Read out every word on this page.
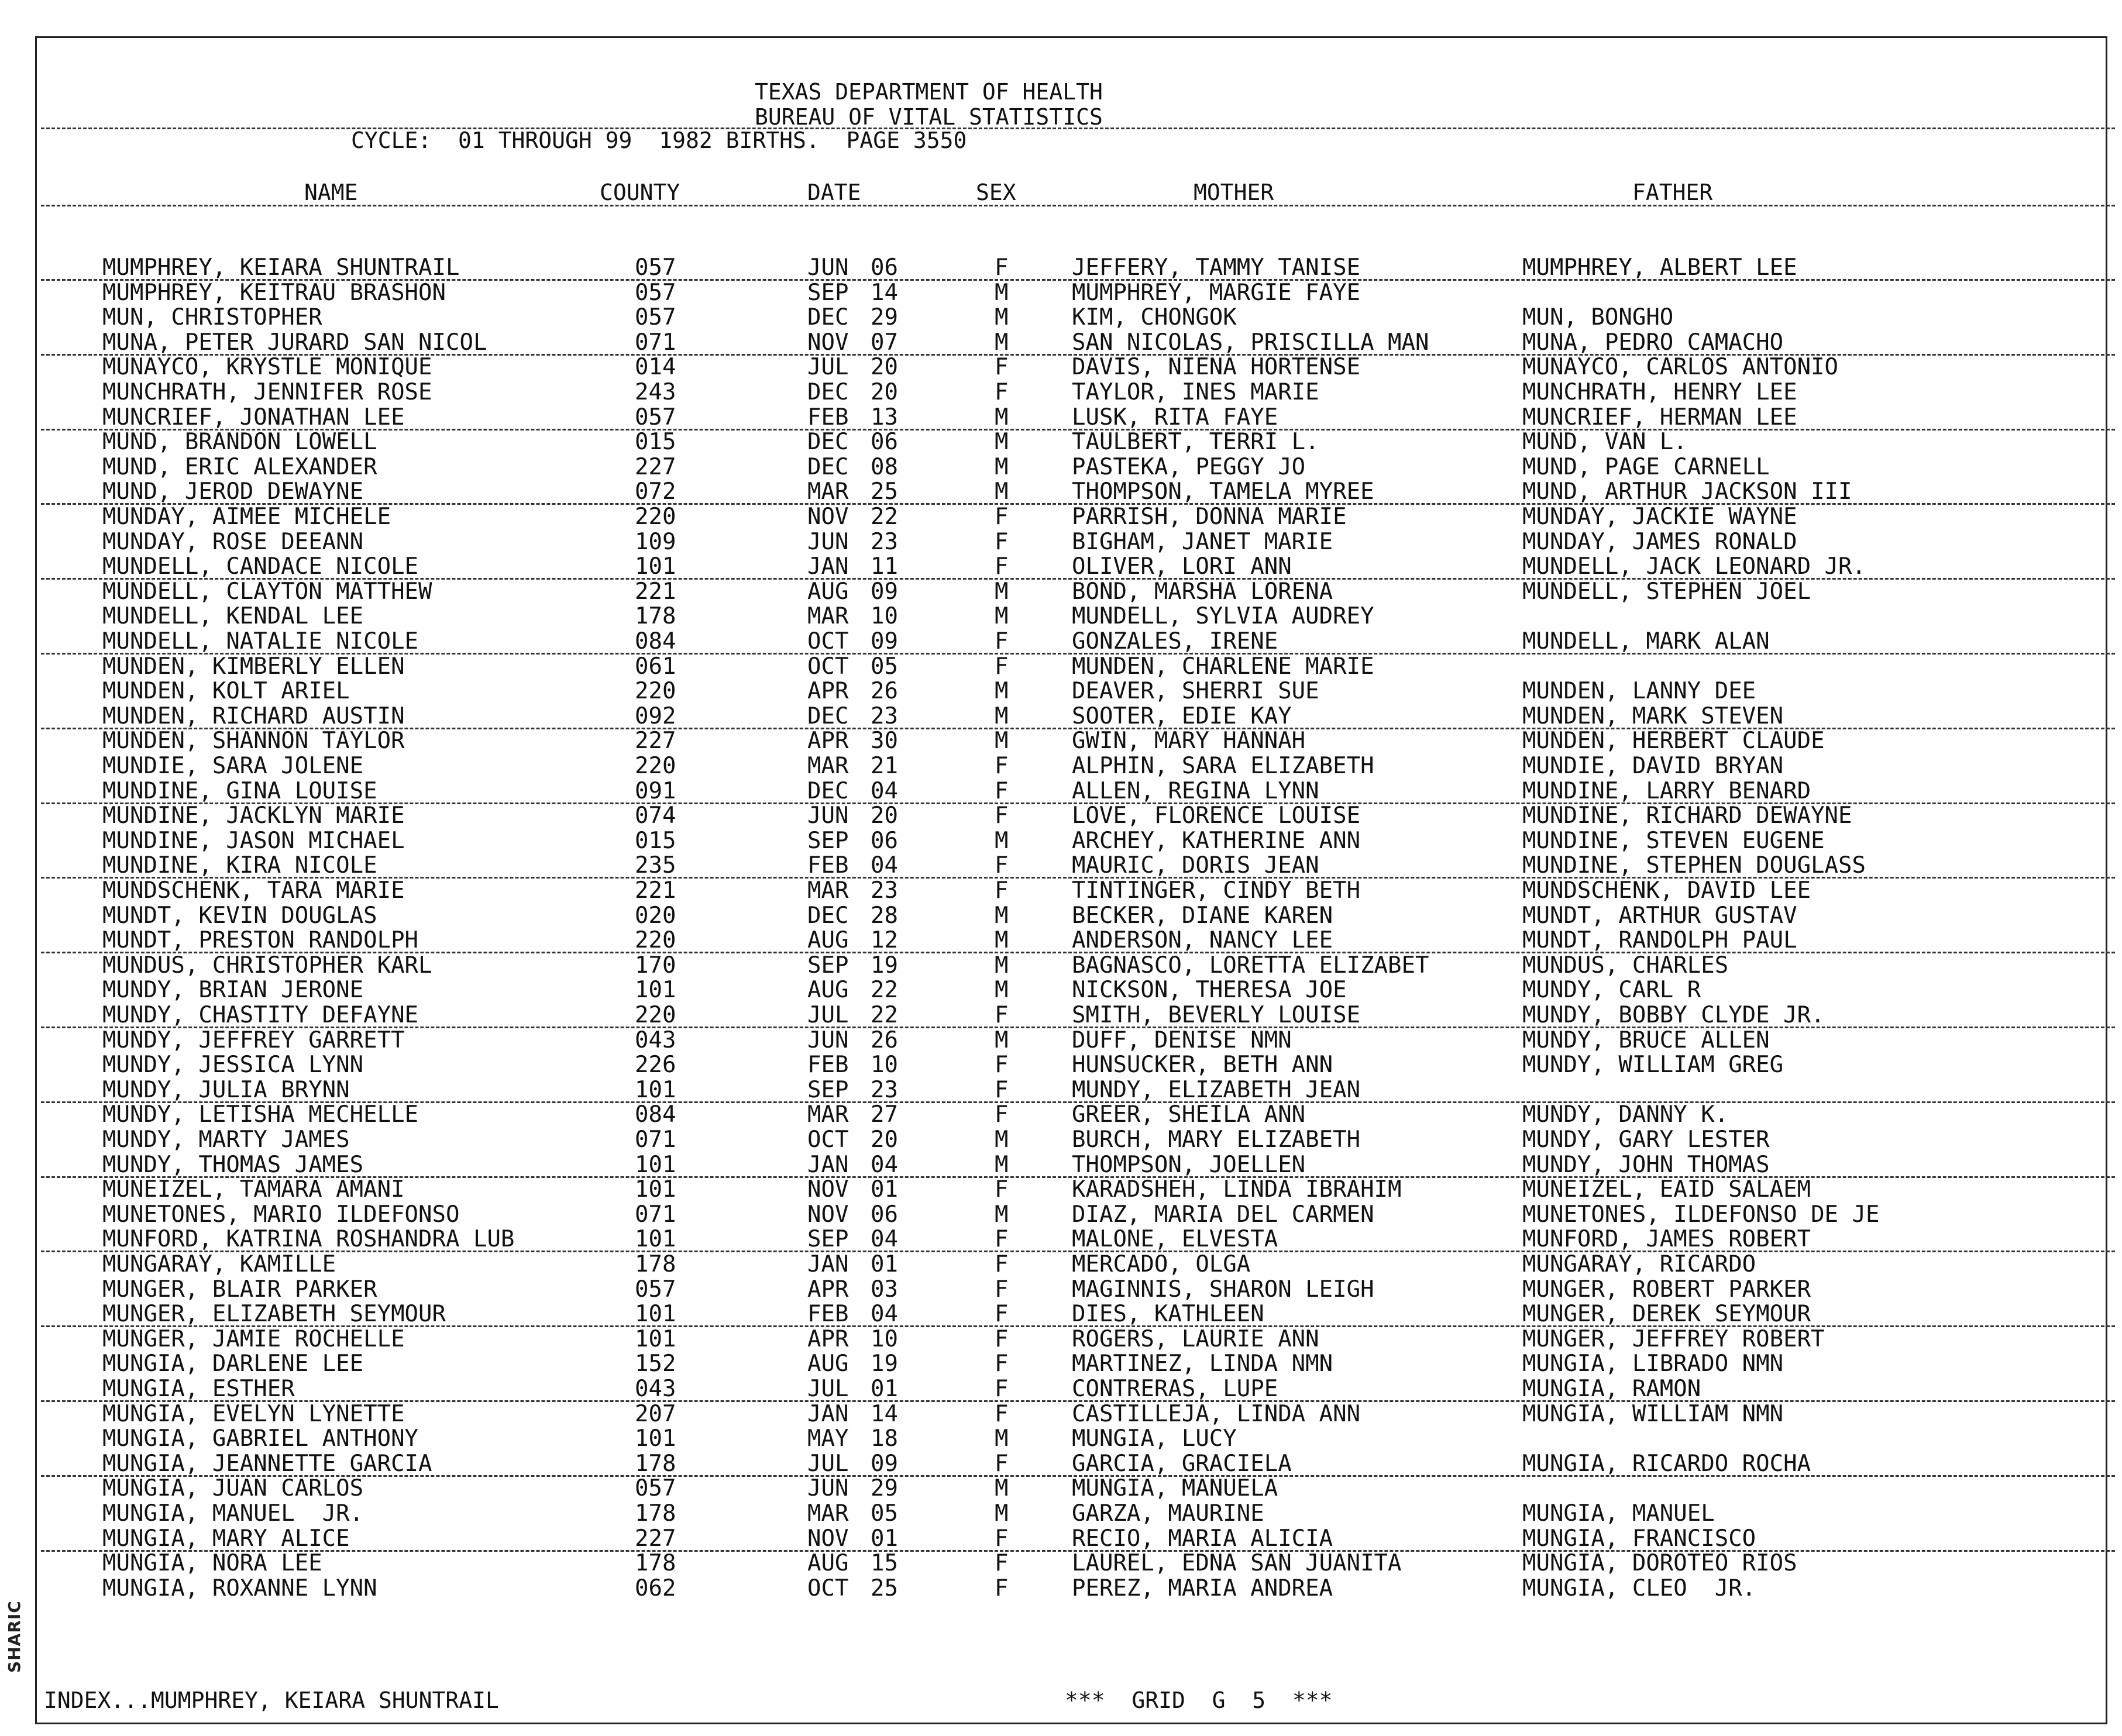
SHARIC
TEXAS DEPARTMENT OF HEALTH
BUREAU OF VITAL STATISTICS
CYCLE:  01 THROUGH 99  1982 BIRTHS.  PAGE 3550
NAME	COUNTY	DATE	SEX	MOTHER	FATHER
MUMPHREY, KEIARA SHUNTRAIL	057	JUN 06	F	JEFFERY, TAMMY TANISE	MUMPHREY, ALBERT LEE
MUMPHREY, KEITRAU BRASHON	057	SEP 14	M	MUMPHREY, MARGIE FAYE
MUN, CHRISTOPHER	057	DEC 29	M	KIM, CHONGOK	MUN, BONGHO
MUNA, PETER JURARD SAN NICOL	071	NOV 07	M	SAN NICOLAS, PRISCILLA MAN	MUNA, PEDRO CAMACHO
MUNAYCO, KRYSTLE MONIQUE	014	JUL 20	F	DAVIS, NIENA HORTENSE	MUNAYCO, CARLOS ANTONIO
MUNCHRATH, JENNIFER ROSE	243	DEC 20	F	TAYLOR, INES MARIE	MUNCHRATH, HENRY LEE
MUNCRIEF, JONATHAN LEE	057	FEB 13	M	LUSK, RITA FAYE	MUNCRIEF, HERMAN LEE
MUND, BRANDON LOWELL	015	DEC 06	M	TAULBERT, TERRI L.	MUND, VAN L.
MUND, ERIC ALEXANDER	227	DEC 08	M	PASTEKA, PEGGY JO	MUND, PAGE CARNELL
MUND, JEROD DEWAYNE	072	MAR 25	M	THOMPSON, TAMELA MYREE	MUND, ARTHUR JACKSON III
MUNDAY, AIMEE MICHELE	220	NOV 22	F	PARRISH, DONNA MARIE	MUNDAY, JACKIE WAYNE
MUNDAY, ROSE DEEANN	109	JUN 23	F	BIGHAM, JANET MARIE	MUNDAY, JAMES RONALD
MUNDELL, CANDACE NICOLE	101	JAN 11	F	OLIVER, LORI ANN	MUNDELL, JACK LEONARD JR.
MUNDELL, CLAYTON MATTHEW	221	AUG 09	M	BOND, MARSHA LORENA	MUNDELL, STEPHEN JOEL
MUNDELL, KENDAL LEE	178	MAR 10	M	MUNDELL, SYLVIA AUDREY
MUNDELL, NATALIE NICOLE	084	OCT 09	F	GONZALES, IRENE	MUNDELL, MARK ALAN
MUNDEN, KIMBERLY ELLEN	061	OCT 05	F	MUNDEN, CHARLENE MARIE
MUNDEN, KOLT ARIEL	220	APR 26	M	DEAVER, SHERRI SUE	MUNDEN, LANNY DEE
MUNDEN, RICHARD AUSTIN	092	DEC 23	M	SOOTER, EDIE KAY	MUNDEN, MARK STEVEN
MUNDEN, SHANNON TAYLOR	227	APR 30	M	GWIN, MARY HANNAH	MUNDEN, HERBERT CLAUDE
MUNDIE, SARA JOLENE	220	MAR 21	F	ALPHIN, SARA ELIZABETH	MUNDIE, DAVID BRYAN
MUNDINE, GINA LOUISE	091	DEC 04	F	ALLEN, REGINA LYNN	MUNDINE, LARRY BENARD
MUNDINE, JACKLYN MARIE	074	JUN 20	F	LOVE, FLORENCE LOUISE	MUNDINE, RICHARD DEWAYNE
MUNDINE, JASON MICHAEL	015	SEP 06	M	ARCHEY, KATHERINE ANN	MUNDINE, STEVEN EUGENE
MUNDINE, KIRA NICOLE	235	FEB 04	F	MAURIC, DORIS JEAN	MUNDINE, STEPHEN DOUGLASS
MUNDSCHENK, TARA MARIE	221	MAR 23	F	TINTINGER, CINDY BETH	MUNDSCHENK, DAVID LEE
MUNDT, KEVIN DOUGLAS	020	DEC 28	M	BECKER, DIANE KAREN	MUNDT, ARTHUR GUSTAV
MUNDT, PRESTON RANDOLPH	220	AUG 12	M	ANDERSON, NANCY LEE	MUNDT, RANDOLPH PAUL
MUNDUS, CHRISTOPHER KARL	170	SEP 19	M	BAGNASCO, LORETTA ELIZABET	MUNDUS, CHARLES
MUNDY, BRIAN JERONE	101	AUG 22	M	NICKSON, THERESA JOE	MUNDY, CARL R
MUNDY, CHASTITY DEFAYNE	220	JUL 22	F	SMITH, BEVERLY LOUISE	MUNDY, BOBBY CLYDE JR.
MUNDY, JEFFREY GARRETT	043	JUN 26	M	DUFF, DENISE NMN	MUNDY, BRUCE ALLEN
MUNDY, JESSICA LYNN	226	FEB 10	F	HUNSUCKER, BETH ANN	MUNDY, WILLIAM GREG
MUNDY, JULIA BRYNN	101	SEP 23	F	MUNDY, ELIZABETH JEAN
MUNDY, LETISHA MECHELLE	084	MAR 27	F	GREER, SHEILA ANN	MUNDY, DANNY K.
MUNDY, MARTY JAMES	071	OCT 20	M	BURCH, MARY ELIZABETH	MUNDY, GARY LESTER
MUNDY, THOMAS JAMES	101	JAN 04	M	THOMPSON, JOELLEN	MUNDY, JOHN THOMAS
MUNEIZEL, TAMARA AMANI	101	NOV 01	F	KARADSHEH, LINDA IBRAHIM	MUNEIZEL, EAID SALAEM
MUNETONES, MARIO ILDEFONSO	071	NOV 06	M	DIAZ, MARIA DEL CARMEN	MUNETONES, ILDEFONSO DE JE
MUNFORD, KATRINA ROSHANDRA LUB	101	SEP 04	F	MALONE, ELVESTA	MUNFORD, JAMES ROBERT
MUNGARAY, KAMILLE	178	JAN 01	F	MERCADO, OLGA	MUNGARAY, RICARDO
MUNGER, BLAIR PARKER	057	APR 03	F	MAGINNIS, SHARON LEIGH	MUNGER, ROBERT PARKER
MUNGER, ELIZABETH SEYMOUR	101	FEB 04	F	DIES, KATHLEEN	MUNGER, DEREK SEYMOUR
MUNGER, JAMIE ROCHELLE	101	APR 10	F	ROGERS, LAURIE ANN	MUNGER, JEFFREY ROBERT
MUNGIA, DARLENE LEE	152	AUG 19	F	MARTINEZ, LINDA NMN	MUNGIA, LIBRADO NMN
MUNGIA, ESTHER	043	JUL 01	F	CONTRERAS, LUPE	MUNGIA, RAMON
MUNGIA, EVELYN LYNETTE	207	JAN 14	F	CASTILLEJA, LINDA ANN	MUNGIA, WILLIAM NMN
MUNGIA, GABRIEL ANTHONY	101	MAY 18	M	MUNGIA, LUCY
MUNGIA, JEANNETTE GARCIA	178	JUL 09	F	GARCIA, GRACIELA	MUNGIA, RICARDO ROCHA
MUNGIA, JUAN CARLOS	057	JUN 29	M	MUNGIA, MANUELA
MUNGIA, MANUEL  JR.	178	MAR 05	M	GARZA, MAURINE	MUNGIA, MANUEL
MUNGIA, MARY ALICE	227	NOV 01	F	RECIO, MARIA ALICIA	MUNGIA, FRANCISCO
MUNGIA, NORA LEE	178	AUG 15	F	LAUREL, EDNA SAN JUANITA	MUNGIA, DOROTEO RIOS
MUNGIA, ROXANNE LYNN	062	OCT 25	F	PEREZ, MARIA ANDREA	MUNGIA, CLEO  JR.
INDEX...MUMPHREY, KEIARA SHUNTRAIL	***  GRID  G  5  ***
